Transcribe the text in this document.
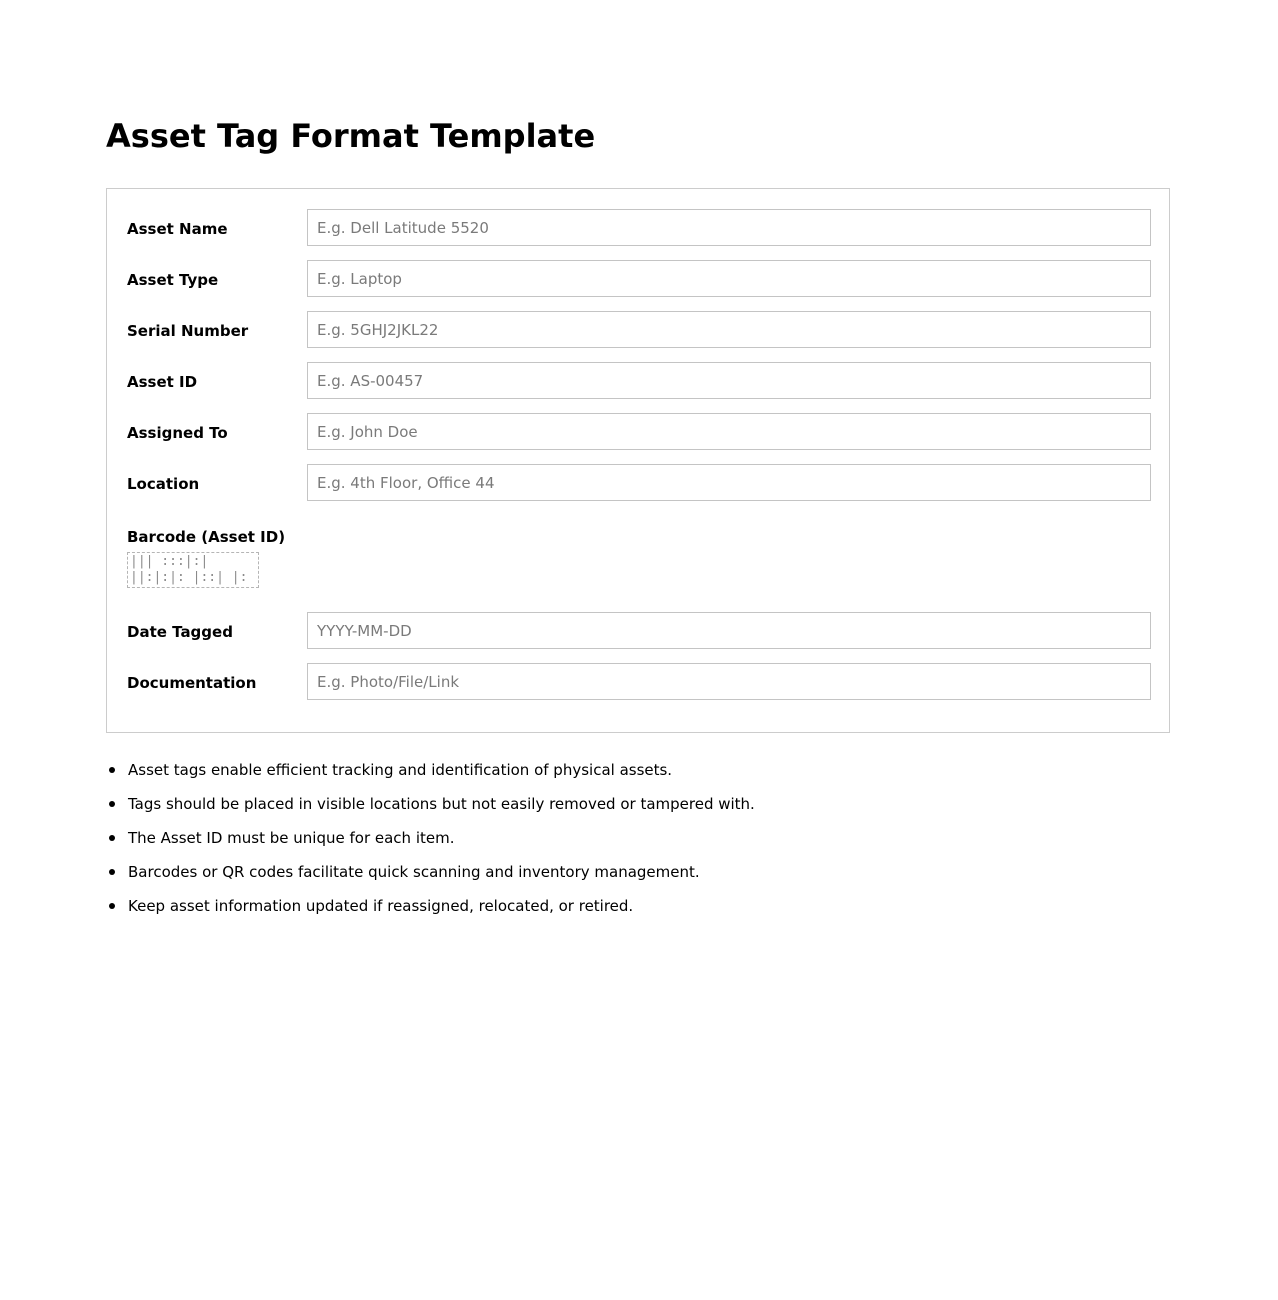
Asset Tag Format Template
Asset Name
E.g. Dell Latitude 5520
Asset Type
E.g. Laptop
Serial Number
E.g. 5GHJ2JKL22
Asset ID
E.g. AS-00457
Assigned To
E.g. John Doe
Location
E.g. 4th Floor, Office 44
Barcode (Asset ID)
||| :::|:|
||:|:|: |::| |:
Date Tagged
YYYY-MM-DD
Documentation
E.g. Photo/File/Link
Asset tags enable efficient tracking and identification of physical assets.
Tags should be placed in visible locations but not easily removed or tampered with.
The Asset ID must be unique for each item.
Barcodes or QR codes facilitate quick scanning and inventory management.
Keep asset information updated if reassigned, relocated, or retired.
